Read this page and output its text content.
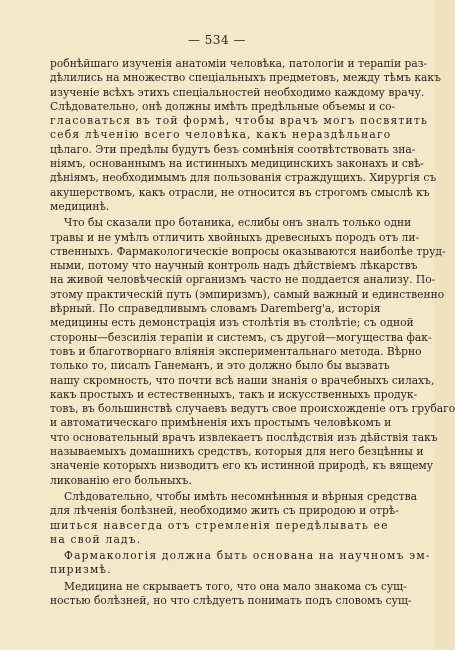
— 534 —
робнѣйшаго изученія анатоміи человѣка, патологіи и терапіи раз-
дѣлились на множество спеціальныхъ предметовъ, между тѣмъ какъ
изученіе всѣхъ этихъ спеціальностей необходимо каждому врачу.
Слѣдовательно, онѣ должны имѣть предѣльные объемы и со-
гласоваться въ той формѣ, чтобы врачъ могъ посвятить
себя лѣченію всего человѣка, какъ нераздѣльнаго
цѣлаго. Эти предѣлы будутъ безъ сомнѣнія соотвѣтствовать зна-
ніямъ, основаннымъ на истинныхъ медицинскихъ законахъ и свѣ-
дѣніямъ, необходимымъ для пользованія страждущихъ. Хирургія съ
акушерствомъ, какъ отрасли, не относится въ строгомъ смыслѣ къ
медицинѣ.
Что бы сказали про ботаника, еслибы онъ зналъ только одни
травы и не умѣлъ отличить хвойныхъ древесныхъ породъ отъ ли-
ственныхъ. Фармакологическіе вопросы оказываются наиболѣе труд-
ными, потому что научный контроль надъ дѣйствіемъ лѣкарствъ
на живой человѣческій организмъ часто не поддается анализу. По-
этому практическій путь (эмпиризмъ), самый важный и единственно
вѣрный. По справедливымъ словамъ Daremberg'а, исторія
медицины есть демонстрація изъ столѣтія въ столѣтіе; съ одной
стороны—безсилія терапіи и системъ, съ другой—могущества фак-
товъ и благотворнаго вліянія экспериментальнаго метода. Вѣрно
только то, писалъ Ганеманъ, и это должно было бы вызвать
нашу скромность, что почти всѣ наши знанія о врачебныхъ силахъ,
какъ простыхъ и естественныхъ, такъ и искусственныхъ продук-
товъ, въ большинствѣ случаевъ ведутъ свое происхожденіе отъ грубаго
и автоматическаго примѣненія ихъ простымъ человѣкомъ и
что основательный врачъ извлекаетъ послѣдствія изъ дѣйствія такъ
называемыхъ домашнихъ средствъ, которыя для него безцѣнны и
значеніе которыхъ низводитъ его къ истинной природѣ, къ вящему
ликованію его больныхъ.
Слѣдовательно, чтобы имѣть несомнѣнныя и вѣрныя средства
для лѣченія болѣзней, необходимо жить съ природою и отрѣ-
шиться навсегда отъ стремленія передѣлывать ее
на свой ладъ.
Фармакологія должна быть основана на научномъ эм-
пиризмѣ.
Медицина не скрываетъ того, что она мало знакома съ сущ-
ностью болѣзней, но что слѣдуетъ понимать подъ словомъ сущ-
